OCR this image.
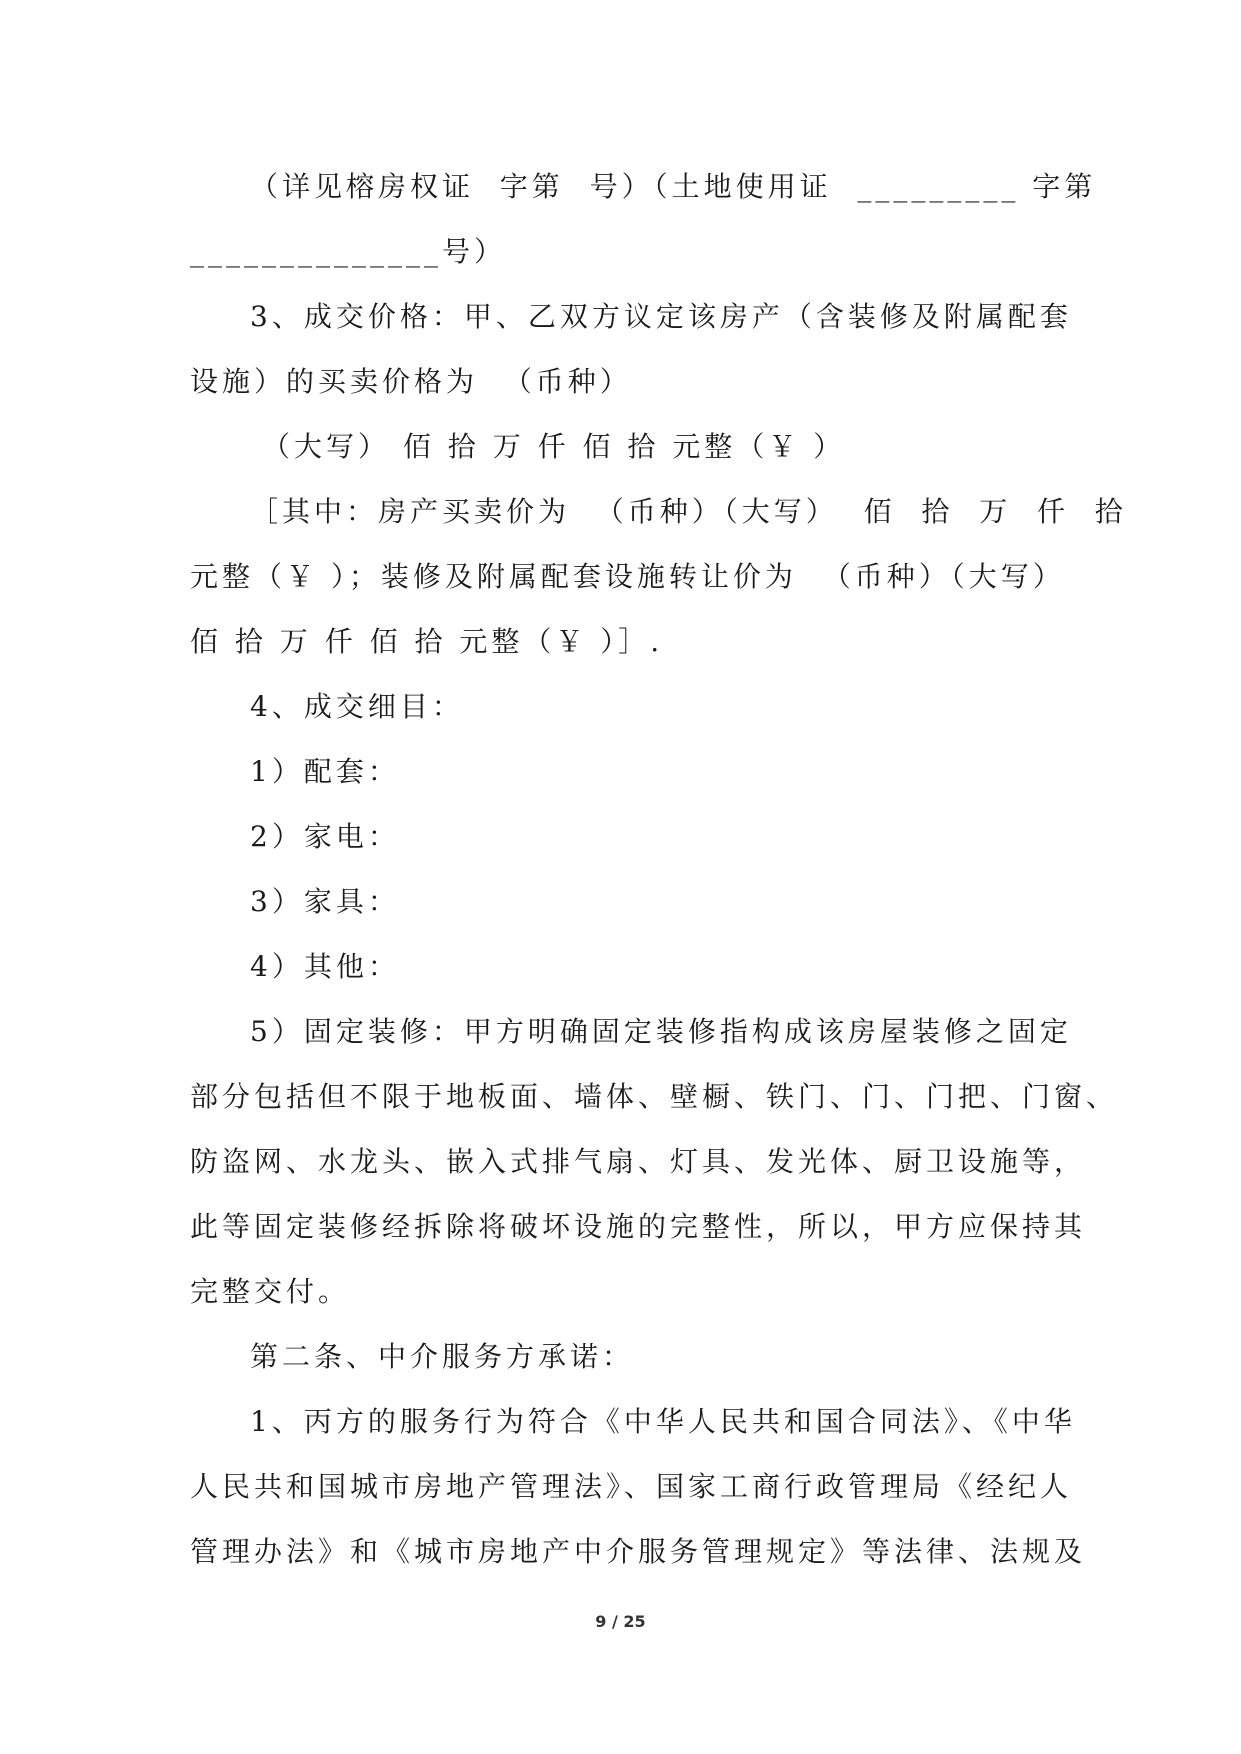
（详见榕房权证  字第  号）（土地使用证  _________ 字第
______________号）
3、成交价格：甲、乙双方议定该房产（含装修及附属配套
设施）的买卖价格为  （币种）
（大写） 佰 拾 万 仟 佰 拾 元整（￥ ）
［其中：房产买卖价为  （币种）（大写）  佰  拾  万  仟  拾
元整（￥ ）；装修及附属配套设施转让价为  （币种）（大写）
佰 拾 万 仟 佰 拾 元整（￥ ）］.
4、成交细目：
1）配套：
2）家电：
3）家具：
4）其他：
5）固定装修：甲方明确固定装修指构成该房屋装修之固定
部分包括但不限于地板面、墙体、壁橱、铁门、门、门把、门窗、
防盗网、水龙头、嵌入式排气扇、灯具、发光体、厨卫设施等，
此等固定装修经拆除将破坏设施的完整性，所以，甲方应保持其
完整交付。
第二条、中介服务方承诺：
1、丙方的服务行为符合《中华人民共和国合同法》、《中华
人民共和国城市房地产管理法》、国家工商行政管理局《经纪人
管理办法》和《城市房地产中介服务管理规定》等法律、法规及
9 / 25
